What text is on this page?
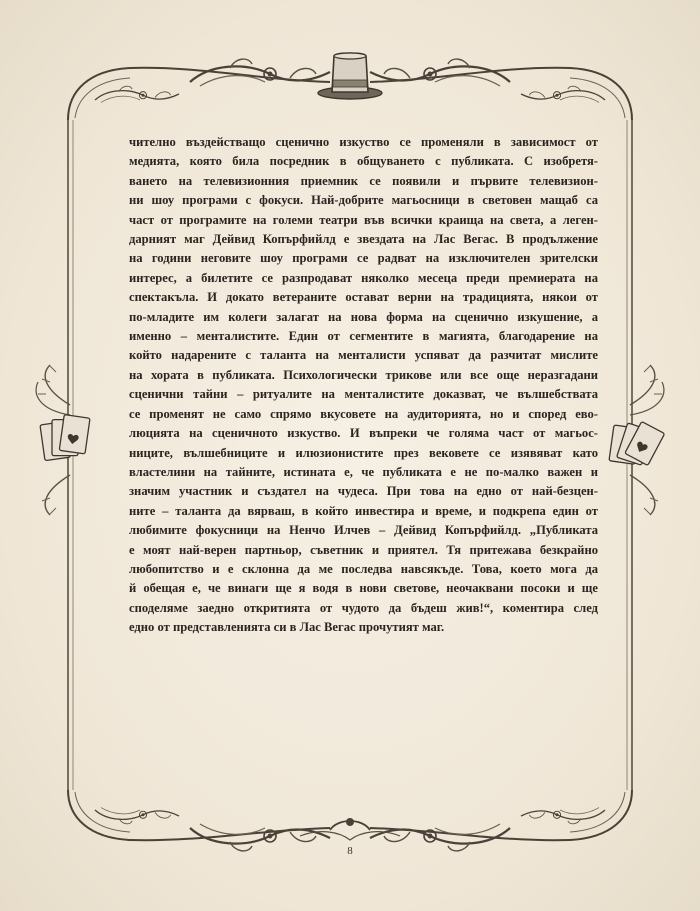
чително въздействащо сценично изкуство се променяли в зависимост от
медията, която била посредник в общуването с публиката. С изобретя-
ването на телевизионния приемник се появили и първите телевизион-
ни шоу програми с фокуси. Най-добрите магьосници в световен мащаб са
част от програмите на големи театри във всички краища на света, а леген-
дарният маг Дейвид Копърфийлд е звездата на Лас Вегас. В продължение
на години неговите шоу програми се радват на изключителен зрителски
интерес, а билетите се разпродават няколко месеца преди премиерата на
спектакъла. И докато ветераните остават верни на традицията, някои от
по-младите им колеги залагат на нова форма на сценично изкушение, а
именно – менталистите. Един от сегментите в магията, благодарение на
който надарените с таланта на менталисти успяват да разчитат мислите
на хората в публиката. Психологически трикове или все още неразгадани
сценични тайни – ритуалите на менталистите доказват, че вълшебствата
се променят не само спрямо вкусовете на аудиторията, но и според ево-
люцията на сценичното изкуство. И въпреки че голяма част от магьос-
ниците, вълшебниците и илюзионистите през вековете се изявяват като
властелини на тайните, истината е, че публиката е не по-малко важен и
значим участник и създател на чудеса. При това на едно от най-безцен-
ните – таланта да вярваш, в който инвестира и време, и подкрепа един от
любимите фокусници на Ненчо Илчев – Дейвид Копърфийлд. „Публиката
е моят най-верен партньор, съветник и приятел. Тя притежава безкрайно
любопитство и е склонна да ме последва навсякъде. Това, което мога да
й обещая е, че винаги ще я водя в нови светове, неочаквани посоки и ще
споделяме заедно откритията от чудото да бъдеш жив!“, коментира след
едно от представленията си в Лас Вегас прочутият маг.
8
